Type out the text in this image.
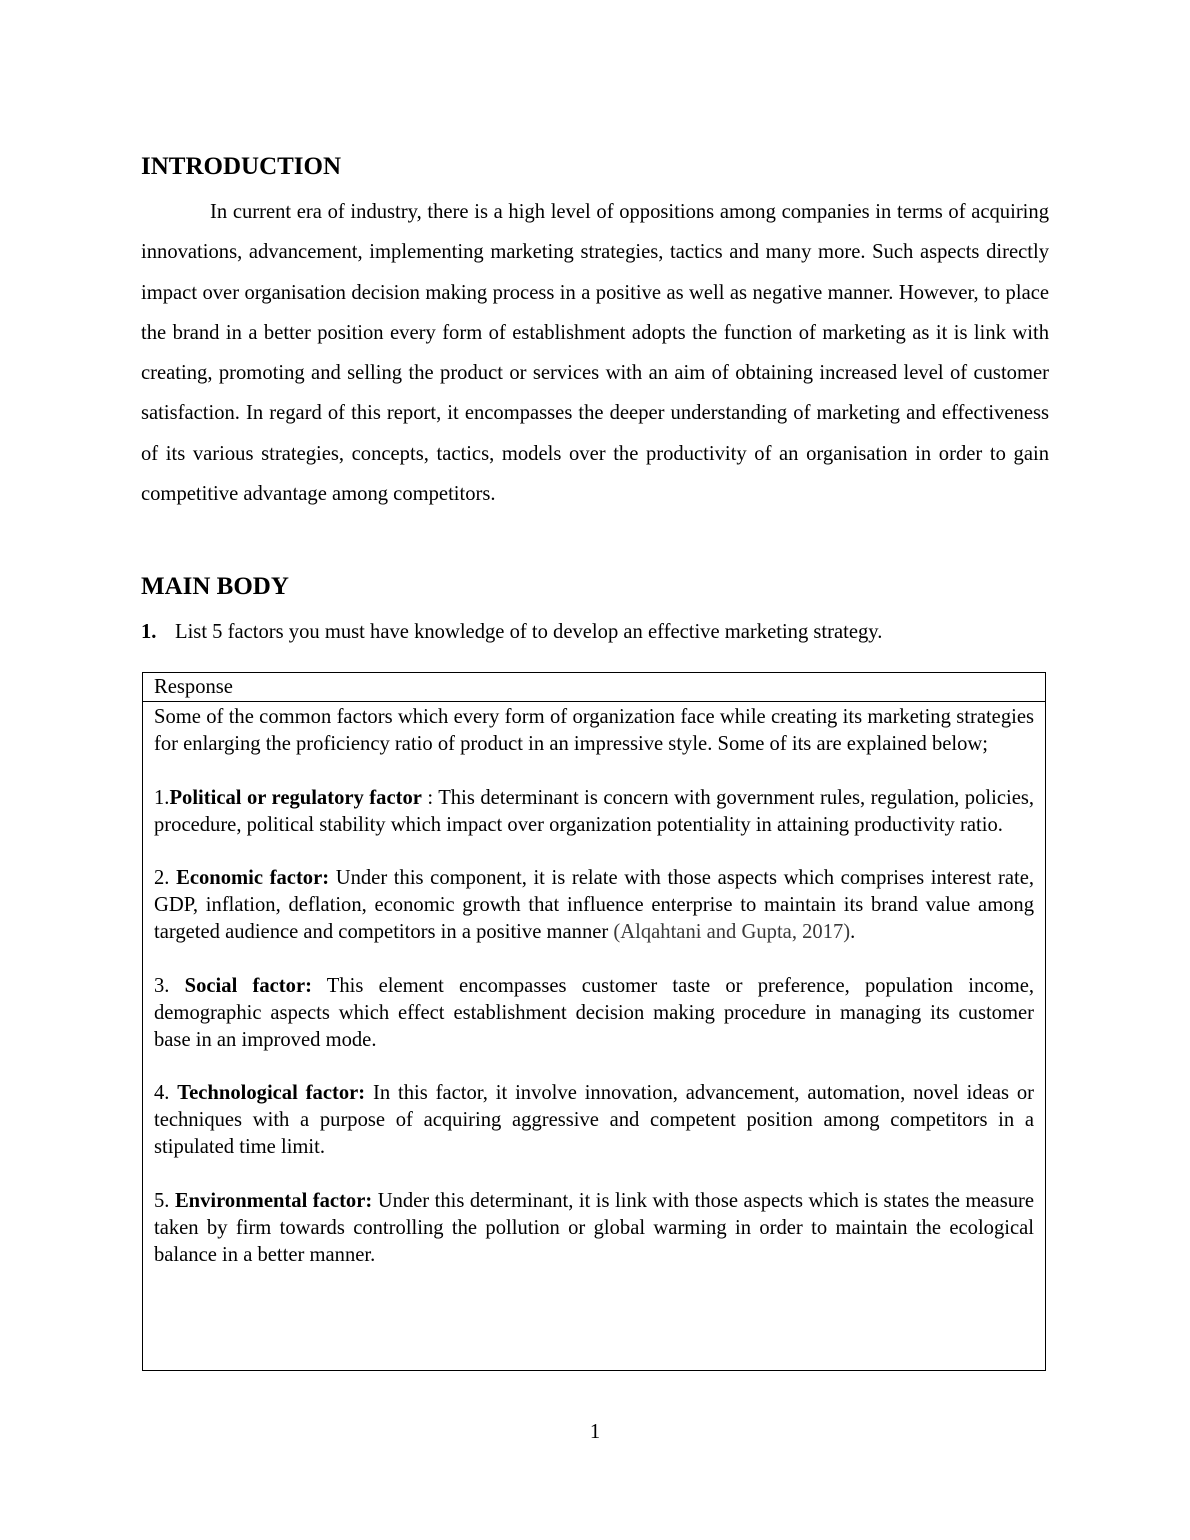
INTRODUCTION

In current era of industry, there is a high level of oppositions among companies in terms of acquiring innovations, advancement, implementing marketing strategies, tactics and many more. Such aspects directly impact over organisation decision making process in a positive as well as negative manner. However, to place the brand in a better position every form of establishment adopts the function of marketing as it is link with creating, promoting and selling the product or services with an aim of obtaining increased level of customer satisfaction. In regard of this report, it encompasses the deeper understanding of marketing and effectiveness of its various strategies, concepts, tactics, models over the productivity of an organisation in order to gain competitive advantage among competitors.

MAIN BODY

1. List 5 factors you must have knowledge of to develop an effective marketing strategy.

Response

Some of the common factors which every form of organization face while creating its marketing strategies for enlarging the proficiency ratio of product in an impressive style. Some of its are explained below;

1.Political or regulatory factor : This determinant is concern with government rules, regulation, policies, procedure, political stability which impact over organization potentiality in attaining productivity ratio.

2. Economic factor: Under this component, it is relate with those aspects which comprises interest rate, GDP, inflation, deflation, economic growth that influence enterprise to maintain its brand value among targeted audience and competitors in a positive manner (Alqahtani and Gupta, 2017).

3. Social factor: This element encompasses customer taste or preference, population income, demographic aspects which effect establishment decision making procedure in managing its customer base in an improved mode.

4. Technological factor: In this factor, it involve innovation, advancement, automation, novel ideas or techniques with a purpose of acquiring aggressive and competent position among competitors in a stipulated time limit.

5. Environmental factor: Under this determinant, it is link with those aspects which is states the measure taken by firm towards controlling the pollution or global warming in order to maintain the ecological balance in a better manner.

1
